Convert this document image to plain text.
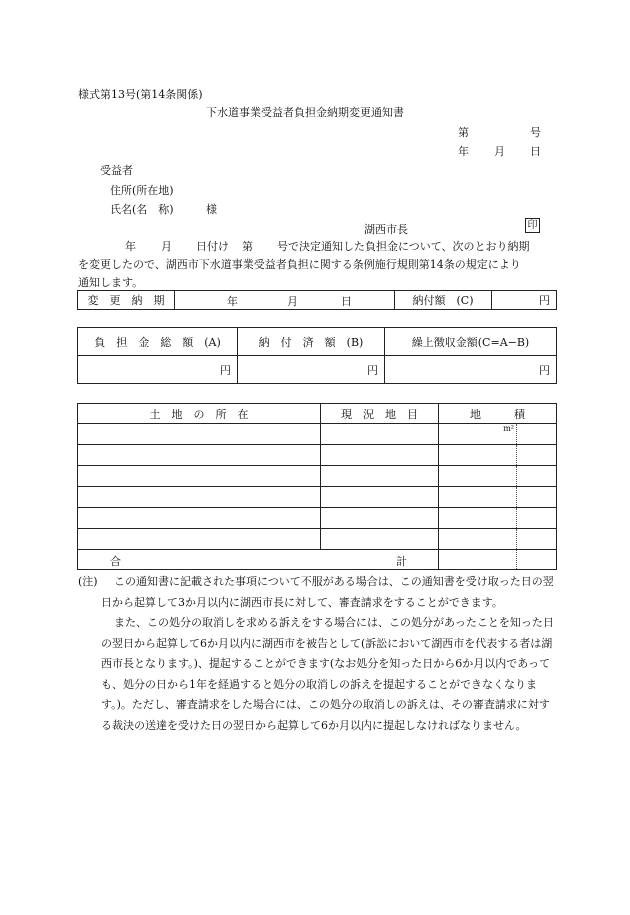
様式第13号(第14条関係)
下水道事業受益者負担金納期変更通知書
第	号
年 月 日
受益者
住所(所在地)
氏名(名　称)	様
湖西市長	印
年 月 日付け 第 号で決定通知した負担金について、次のとおり納期
を変更したので、湖西市下水道事業受益者負担に関する条例施行規則第14条の規定により
通知します。
変　更　納　期	年	月	日	納付額　(C)	円
負　担　金　総　額　(A)	納　付　済　額　(B)	繰上徴収金額(C=A−B)
円	円	円
土　地　の　所　在	現　況　地　目	地　　　積	
		m²	

合 計			

(注) この通知書に記載された事項について不服がある場合は、この通知書を受け取った日の翌日から起算して3か月以内に湖西市長に対して、審査請求をすることができます。

また、この処分の取消しを求める訴えをする場合には、この処分があったことを知った日の翌日から起算して6か月以内に湖西市を被告として(訴訟において湖西市を代表する者は湖西市長となります。)、提起することができます(なお処分を知った日から6か月以内であっても、処分の日から1年を経過すると処分の取消しの訴えを提起することができなくなります。)。ただし、審査請求をした場合には、この処分の取消しの訴えは、その審査請求に対する裁決の送達を受けた日の翌日から起算して6か月以内に提起しなければなりません。
